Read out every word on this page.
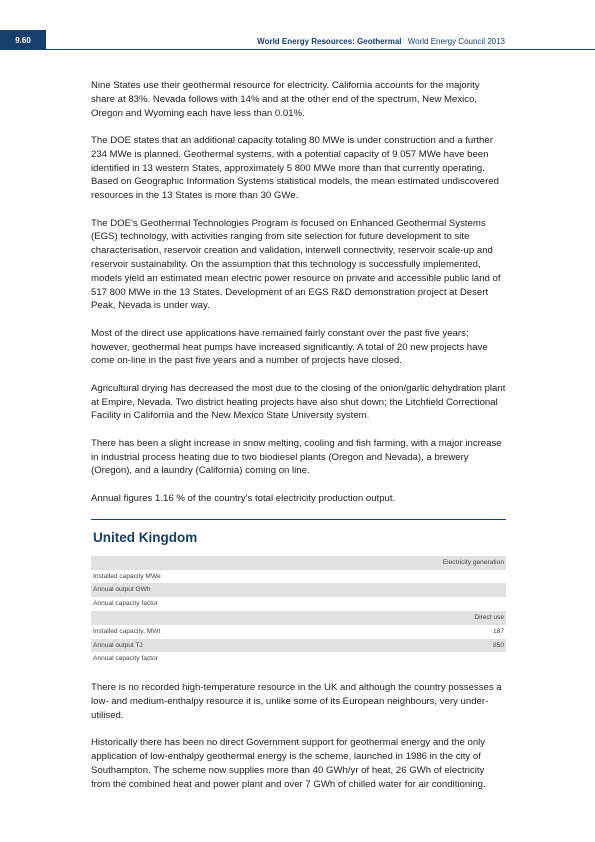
9.60	World Energy Resources: Geothermal World Energy Council 2013

Nine States use their geothermal resource for electricity. California accounts for the majority share at 83%. Nevada follows with 14% and at the other end of the spectrum, New Mexico, Oregon and Wyoming each have less than 0.01%.

The DOE states that an additional capacity totaling 80 MWe is under construction and a further 234 MWe is planned. Geothermal systems, with a potential capacity of 9 057 MWe have been identified in 13 western States, approximately 5 800 MWe more than that currently operating. Based on Geographic Information Systems statistical models, the mean estimated undiscovered resources in the 13 States is more than 30 GWe.

The DOE's Geothermal Technologies Program is focused on Enhanced Geothermal Systems (EGS) technology, with activities ranging from site selection for future development to site characterisation, reservoir creation and validation, interwell connectivity, reservoir scale-up and reservoir sustainability. On the assumption that this technology is successfully implemented, models yield an estimated mean electric power resource on private and accessible public land of 517 800 MWe in the 13 States. Development of an EGS R&D demonstration project at Desert Peak, Nevada is under way.

Most of the direct use applications have remained fairly constant over the past five years; however, geothermal heat pumps have increased significantly. A total of 20 new projects have come on-line in the past five years and a number of projects have closed.

Agricultural drying has decreased the most due to the closing of the onion/garlic dehydration plant at Empire, Nevada. Two district heating projects have also shut down; the Litchfield Correctional Facility in California and the New Mexico State University system.

There has been a slight increase in snow melting, cooling and fish farming, with a major increase in industrial process heating due to two biodiesel plants (Oregon and Nevada), a brewery (Oregon), and a laundry (California) coming on line.

Annual figures 1.16 % of the country's total electricity production output.

United Kingdom
Electricity generation	
Installed capacity MWe	
Annual output GWh	
Annual capacity factor	
Direct use	
Installed capacity, MWt	187
Annual output TJ	850
Annual capacity factor	

There is no recorded high-temperature resource in the UK and although the country possesses a low- and medium-enthalpy resource it is, unlike some of its European neighbours, very under-utilised.

Historically there has been no direct Government support for geothermal energy and the only application of low-enthalpy geothermal energy is the scheme, launched in 1986 in the city of Southampton. The scheme now supplies more than 40 GWh/yr of heat, 26 GWh of electricity from the combined heat and power plant and over 7 GWh of chilled water for air conditioning.
